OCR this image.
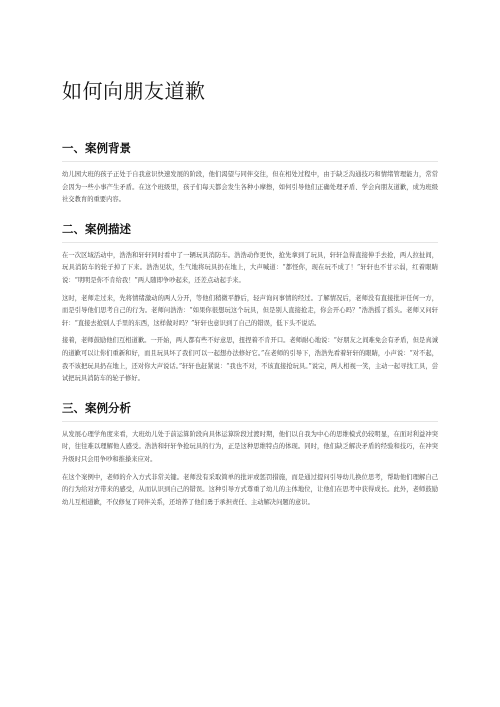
如何向朋友道歉
一、案例背景

幼儿园大班的孩子正处于自我意识快速发展的阶段，他们渴望与同伴交往，但在相处过程中，由于缺乏沟通技巧和情绪管理能力，常常会因为一些小事产生矛盾。在这个班级里，孩子们每天都会发生各种小摩擦，如何引导他们正确处理矛盾、学会向朋友道歉，成为班级社交教育的重要内容。

二、案例描述

在一次区域活动中，浩浩和轩轩同时看中了一辆玩具消防车。浩浩动作更快，抢先拿到了玩具，轩轩急得直接伸手去抢，两人拉扯间，玩具消防车的轮子掉了下来。浩浩见状，生气地将玩具扔在地上，大声喊道：“都怪你，现在玩不成了！”轩轩也不甘示弱，红着眼睛说：“明明是你不肯给我！”两人随即争吵起来，还差点动起手来。

这时，老师走过来，先将情绪激动的两人分开，等他们稍微平静后，轻声询问事情的经过。了解情况后，老师没有直接批评任何一方，而是引导他们思考自己的行为。老师问浩浩：“如果你很想玩这个玩具，但是别人直接抢走，你会开心吗？”浩浩摇了摇头。老师又问轩轩：“直接去抢别人手里的东西，这样做对吗？”轩轩也意识到了自己的错误，低下头不说话。

接着，老师鼓励他们互相道歉。一开始，两人都有些不好意思，扭捏着不肯开口。老师耐心地说：“好朋友之间难免会有矛盾，但是真诚的道歉可以让你们重新和好，而且玩具坏了我们可以一起想办法修好它。”在老师的引导下，浩浩先看着轩轩的眼睛，小声说：“对不起，我不该把玩具扔在地上，还对你大声说话。”轩轩也赶紧说：“我也不对，不该直接抢玩具。”说完，两人相视一笑，主动一起寻找工具，尝试把玩具消防车的轮子修好。

三、案例分析

从发展心理学角度来看，大班幼儿处于前运算阶段向具体运算阶段过渡时期，他们以自我为中心的思维模式仍较明显，在面对利益冲突时，往往难以理解他人感受。浩浩和轩轩争抢玩具的行为，正是这种思维特点的体现。同时，他们缺乏解决矛盾的经验和技巧，在冲突升级时只会用争吵和推搡来应对。

在这个案例中，老师的介入方式非常关键。老师没有采取简单的批评或惩罚措施，而是通过提问引导幼儿换位思考，帮助他们理解自己的行为给对方带来的感受，从而认识到自己的错误。这种引导方式尊重了幼儿的主体地位，让他们在思考中获得成长。此外，老师鼓励幼儿互相道歉，不仅修复了同伴关系，还培养了他们勇于承担责任、主动解决问题的意识。
